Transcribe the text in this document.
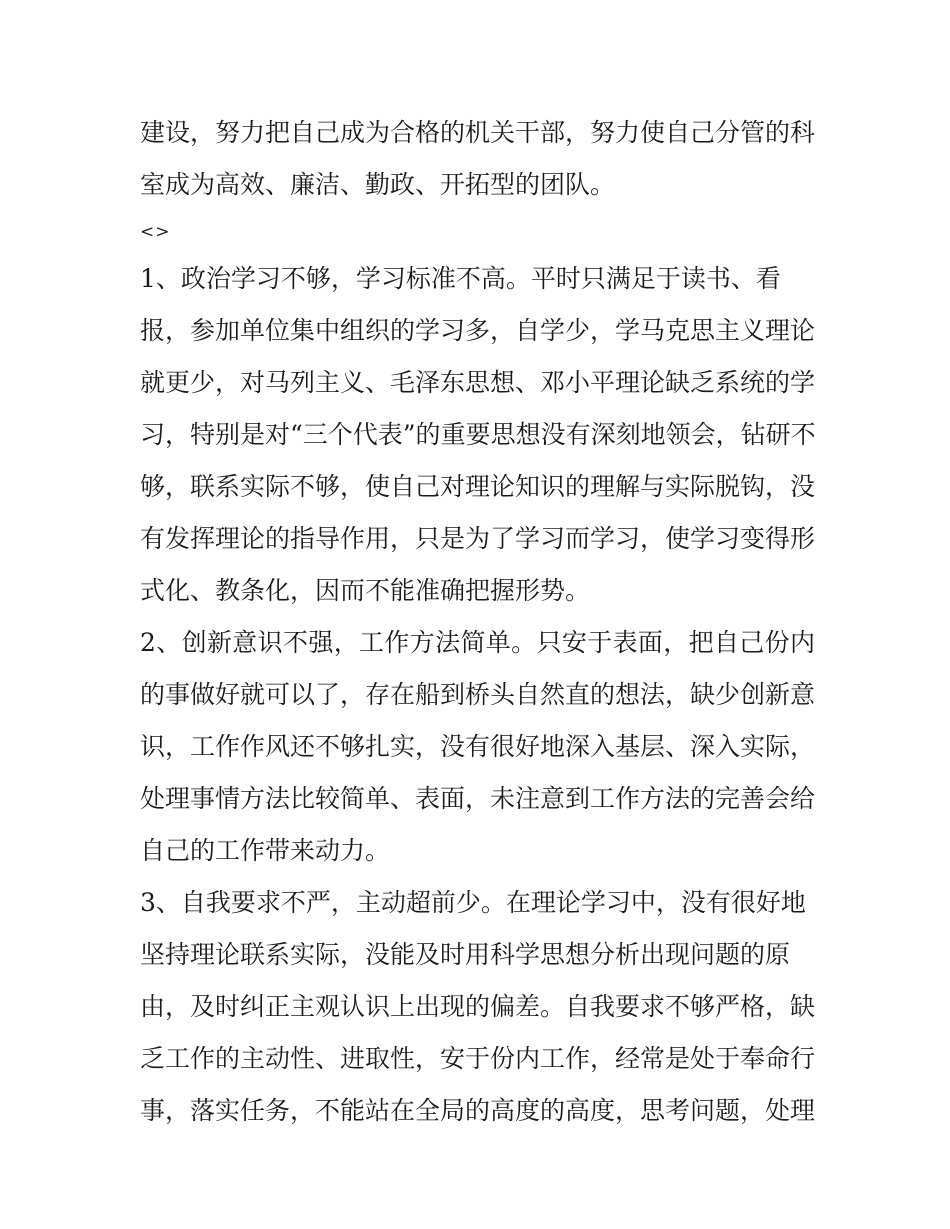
建设，努力把自己成为合格的机关干部，努力使自己分管的科
室成为高效、廉洁、勤政、开拓型的团队。
<>
1、政治学习不够，学习标准不高。平时只满足于读书、看
报，参加单位集中组织的学习多，自学少，学马克思主义理论
就更少，对马列主义、毛泽东思想、邓小平理论缺乏系统的学
习，特别是对“三个代表”的重要思想没有深刻地领会，钻研不
够，联系实际不够，使自己对理论知识的理解与实际脱钩，没
有发挥理论的指导作用，只是为了学习而学习，使学习变得形
式化、教条化，因而不能准确把握形势。
2、创新意识不强，工作方法简单。只安于表面，把自己份内
的事做好就可以了，存在船到桥头自然直的想法，缺少创新意
识，工作作风还不够扎实，没有很好地深入基层、深入实际，
处理事情方法比较简单、表面，未注意到工作方法的完善会给
自己的工作带来动力。
3、自我要求不严，主动超前少。在理论学习中，没有很好地
坚持理论联系实际，没能及时用科学思想分析出现问题的原
由，及时纠正主观认识上出现的偏差。自我要求不够严格，缺
乏工作的主动性、进取性，安于份内工作，经常是处于奉命行
事，落实任务，不能站在全局的高度的高度，思考问题，处理
